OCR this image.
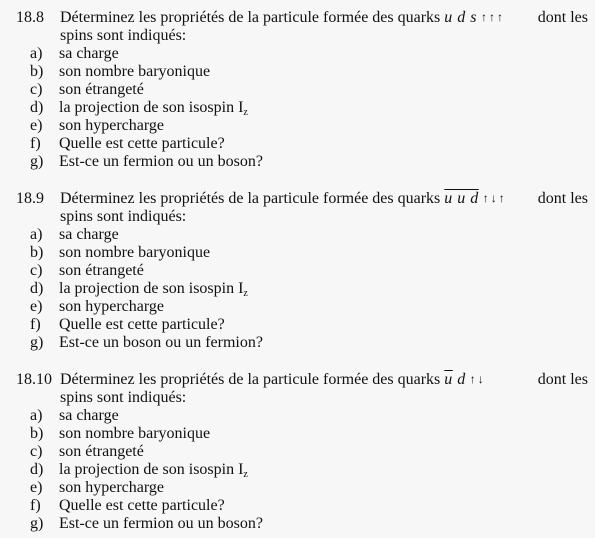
18.8 Déterminez les propriétés de la particule formée des quarks u d s ↑↑↑ dont les
spins sont indiqués:
a) sa charge
b) son nombre baryonique
c) son étrangeté
d) la projection de son isospin $I_z$
e) son hypercharge
f) Quelle est cette particule?
g) Est-ce un fermion ou un boson?
18.9 Déterminez les propriétés de la particule formée des quarks u u d ↑↓↑ dont les
spins sont indiqués:
a) sa charge
b) son nombre baryonique
c) son étrangeté
d) la projection de son isospin $I_z$
e) son hypercharge
f) Quelle est cette particule?
g) Est-ce un boson ou un fermion?
18.10 Déterminez les propriétés de la particule formée des quarks $\overline{u}$ d ↑↓	dont les
spins sont indiqués:
a) sa charge
b) son nombre baryonique
c) son étrangeté
d) la projection de son isospin $I_z$
e) son hypercharge
f) Quelle est cette particule?
g) Est-ce un fermion ou un boson?
